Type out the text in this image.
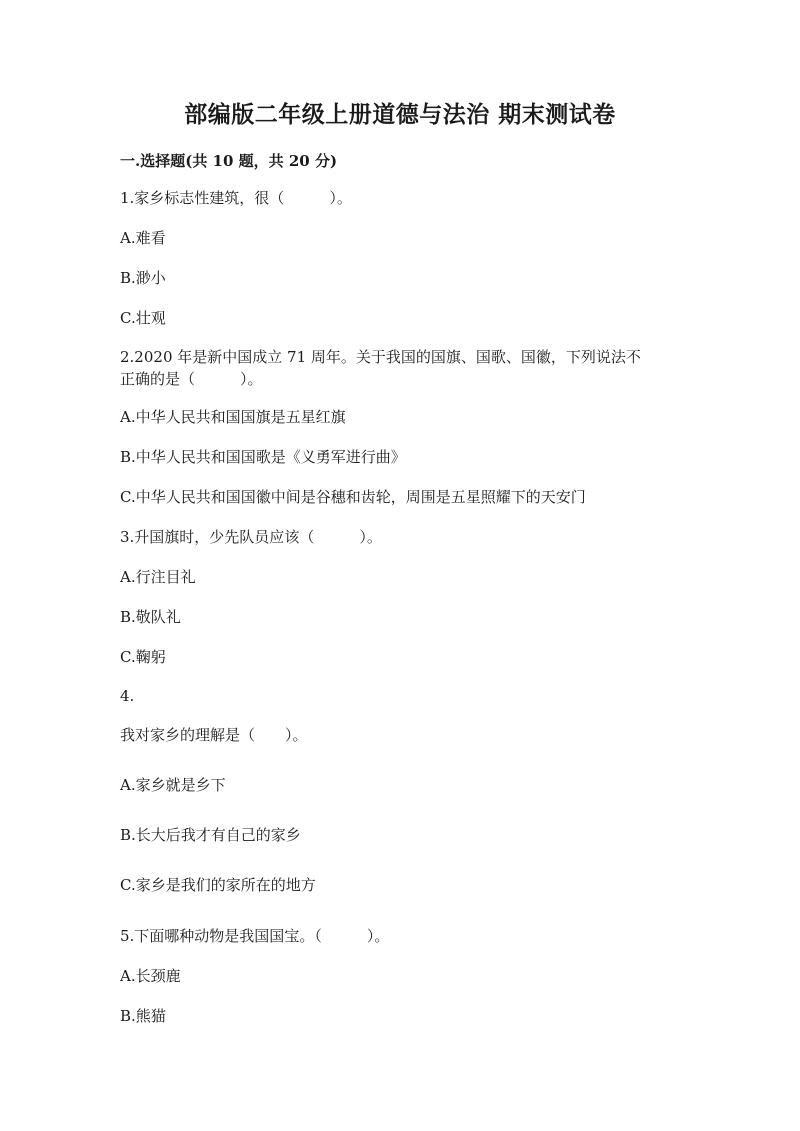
部编版二年级上册道德与法治 期末测试卷
一.选择题(共 10 题，共 20 分)
1.家乡标志性建筑，很（　　　）。
A.难看
B.渺小
C.壮观
2.2020 年是新中国成立 71 周年。关于我国的国旗、国歌、国徽，下列说法不
正确的是（　　　）。
A.中华人民共和国国旗是五星红旗
B.中华人民共和国国歌是《义勇军进行曲》
C.中华人民共和国国徽中间是谷穗和齿轮，周围是五星照耀下的天安门
3.升国旗时，少先队员应该（　　　）。
A.行注目礼
B.敬队礼
C.鞠躬
4.
我对家乡的理解是（　　）。
A.家乡就是乡下
B.长大后我才有自己的家乡
C.家乡是我们的家所在的地方
5.下面哪种动物是我国国宝。（　　　）。
A.长颈鹿
B.熊猫
